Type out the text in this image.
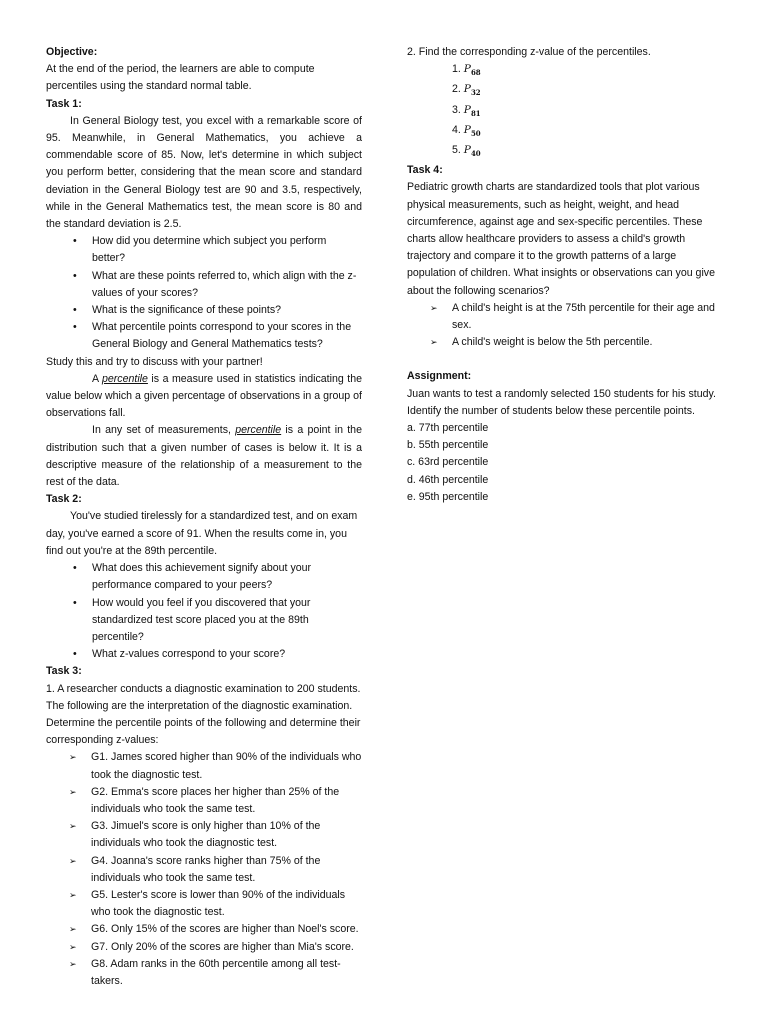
Objective:

At the end of the period, the learners are able to compute percentiles using the standard normal table.

Task 1:

In General Biology test, you excel with a remarkable score of 95. Meanwhile, in General Mathematics, you achieve a commendable score of 85. Now, let's determine in which subject you perform better, considering that the mean score and standard deviation in the General Biology test are 90 and 3.5, respectively, while in the General Mathematics test, the mean score is 80 and the standard deviation is 2.5.

• How did you determine which subject you perform better?
• What are these points referred to, which align with the z-values of your scores?
• What is the significance of these points?
• What percentile points correspond to your scores in the General Biology and General Mathematics tests?

Study this and try to discuss with your partner!

A percentile is a measure used in statistics indicating the value below which a given percentage of observations in a group of observations fall.

In any set of measurements, percentile is a point in the distribution such that a given number of cases is below it. It is a descriptive measure of the relationship of a measurement to the rest of the data.

Task 2:

You've studied tirelessly for a standardized test, and on exam day, you've earned a score of 91. When the results come in, you find out you're at the 89th percentile.

• What does this achievement signify about your performance compared to your peers?
• How would you feel if you discovered that your standardized test score placed you at the 89th percentile?
• What z-values correspond to your score?

Task 3:

1. A researcher conducts a diagnostic examination to 200 students. The following are the interpretation of the diagnostic examination. Determine the percentile points of the following and determine their corresponding z-values:

➢ G1. James scored higher than 90% of the individuals who took the diagnostic test.
➢ G2. Emma's score places her higher than 25% of the individuals who took the same test.
➢ G3. Jimuel's score is only higher than 10% of the individuals who took the diagnostic test.
➢ G4. Joanna's score ranks higher than 75% of the individuals who took the same test.
➢ G5. Lester's score is lower than 90% of the individuals who took the diagnostic test.
➢ G6. Only 15% of the scores are higher than Noel's score.
➢ G7. Only 20% of the scores are higher than Mia's score.
➢ G8. Adam ranks in the 60th percentile among all test-takers.

2. Find the corresponding z-value of the percentiles.

1. $P_{68}$
2. $P_{32}$
3. $P_{81}$
4. $P_{50}$
5. $P_{40}$

Task 4:

Pediatric growth charts are standardized tools that plot various physical measurements, such as height, weight, and head circumference, against age and sex-specific percentiles. These charts allow healthcare providers to assess a child's growth trajectory and compare it to the growth patterns of a large population of children. What insights or observations can you give about the following scenarios?

➢ A child's height is at the 75th percentile for their age and sex.
➢ A child's weight is below the 5th percentile.

Assignment:

Juan wants to test a randomly selected 150 students for his study. Identify the number of students below these percentile points.

a. 77th percentile

b. 55th percentile

c. 63rd percentile

d. 46th percentile

e. 95th percentile
